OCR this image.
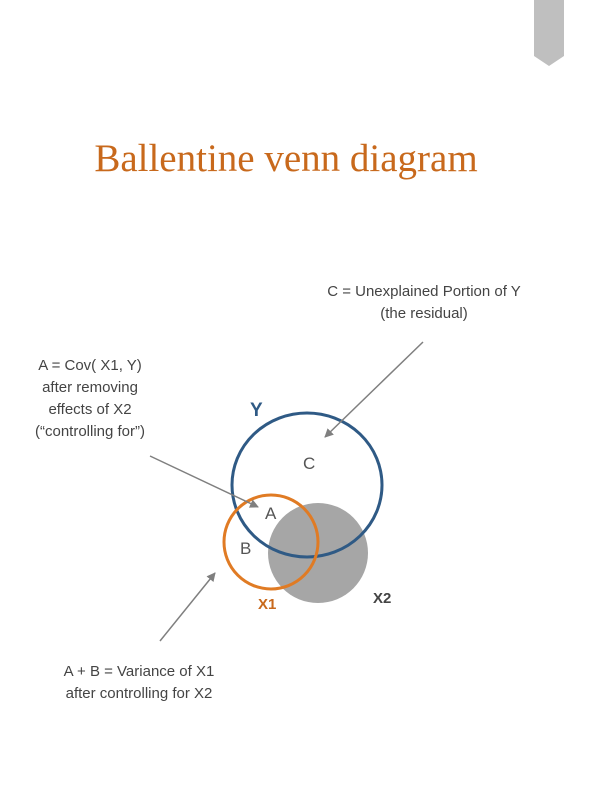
Ballentine venn diagram
C = Unexplained Portion of Y
(the residual)
A = Cov( X1, Y)
after removing
effects of X2
(“controlling for”)
A + B = Variance of X1
after controlling for X2
Y
C
A
B
X1	X2
